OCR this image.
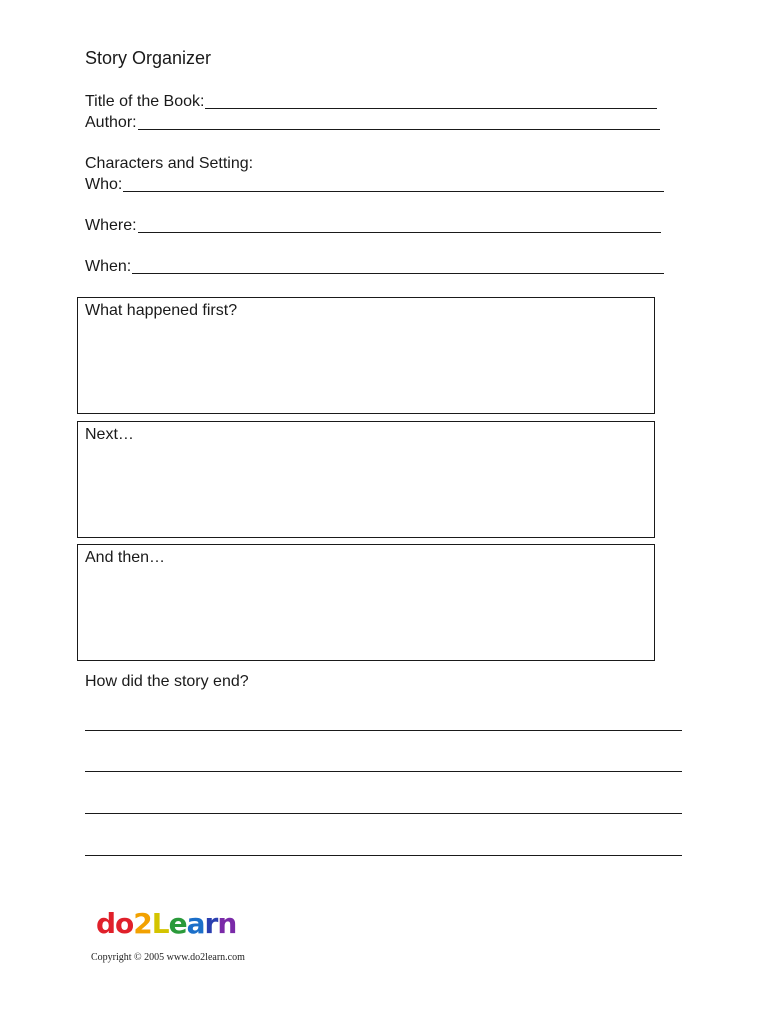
Story Organizer
Title of the Book:
Author:
Characters and Setting:
Who:
Where:
When:
What happened first?
Next…
And then…
How did the story end?
d o 2 L e a r n
Copyright © 2005 www.do2learn.com
